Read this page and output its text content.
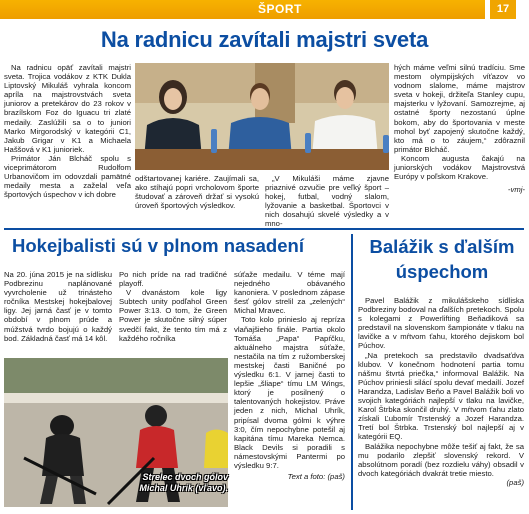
ŠPORT	17
Na radnicu zavítali majstri sveta

Na radnicu opäť zavítali majstri sveta. Trojica vodákov z KTK Dukla Liptovský Mikuláš vyhrala koncom apríla na majstrovstvách sveta juniorov a pretekárov do 23 rokov v brazílskom Foz do Iguacu tri zlaté medaily. Zaslúžili sa o to juniori Marko Mirgorodský v kategórii C1, Jakub Grigar v K1 a Michaela Haššová v K1 junioriek.

Primátor Ján Blcháč spolu s viceprimátorom Rudolfom Urbanovičom im odovzdali pamätné medaily mesta a zaželal veľa športových úspechov v ich dobre

odštartovanej kariére. Zaujímali sa, ako stíhajú popri vrcholovom športe študovať a zároveň držať si vysokú úroveň športových výsledkov.

„V Mikuláši máme zjavne priaznivé ozvučie pre veľký šport – hokej, futbal, vodný slalom, lyžovanie a basketbal. Športovci v nich dosahujú skvelé výsledky a v mno-

hých máme veľmi silnú tradíciu. Sme mestom olympijských víťazov vo vodnom slalome, máme majstrov sveta v hokeji, držiteľa Stanley cupu, majsterku v lyžovaní. Samozrejme, aj ostatné športy nezostanú úplne bokom, aby do športovania v meste mohol byť zapojený skutočne každý, kto má o to záujem,“ zdôraznil primátor Blcháč.

Koncom augusta čakajú na juniorských vodákov Majstrovstvá Európy v poľskom Krakove.

-vmj-

Hokejbalisti sú v plnom nasadení

Na 20. júna 2015 je na sídlisku Podbrezinu naplánované vyvrcholenie už trinásteho ročníka Mestskej hokejbalovej ligy. Jej jarná časť je v tomto období v plnom prúde a múžstvá tvrdo bojujú o každý bod. Základná časť má 14 kôl.

Po nich príde na rad tradičné playoff.

V dvanástom kole ligy Subtech unity podľahol Green Power 3:13. O tom, že Green Power je skutočne silný súper svedčí fakt, že tento tím má z každého ročníka

Strelec dvoch gólov Michal Uhrík (vľavo).

súťaže medailu. V téme mají nejedného obávaného kanoniera. V poslednom zápase šesť gólov strelil za „zelených“ Michal Mravec.

Toto kolo prinieslo aj repríza vlaňajšieho finále. Partia okolo Tomáša „Papa“ Papŕčku, aktuálneho majstra súťaže, nestačila na tím z ružomberskej mestskej časti Baničné po výsledku 6:1. V jarnej časti to lepšie „šliape“ tímu LM Wings, ktorý je posilnený o talentovaných hokejistov. Práve jeden z nich, Michal Uhrík, pripísal dvoma gólmi k výhre 3:0, čím nepochybne potešil aj kapitána tímu Mareka Nemca. Black Devils si poradili s námestovskými Pantermi po výsledku 9:7.

Text a foto: (paš)

Balážik s ďalším úspechom

Pavel Balážik z mikulášskeho sídliska Podbreziny bodoval na ďalších pretekoch. Spolu s kolegami z Powerlifting Beňadiková sa predstavil na slovenskom šampionáte v tlaku na lavičke a v mŕtvom ťahu, ktorého dejiskom bol Púchov.

„Na pretekoch sa predstavilo dvadsaťdva klubov. V konečnom hodnotení partia tomu nášmu štvrtá priečka,“ informoval Balážik. Na Púchov priniesli silácí spolu devať medailí. Jozef Harandza, Ladislav Beňo a Pavel Balážik boli vo svojich kategóriách najlepší v tlaku na lavičke, Karol Štrbka skončil druhý. V mŕtvom ťahu zlato získali Ľubomír Trstenský a Jozef Harandza. Tretí bol Štrbka. Trstenský bol najlepší aj v kategórii EQ.

Balážika nepochybne môže tešiť aj fakt, že sa mu podarilo zlepšiť slovenský rekord. V absolútnom poradí (bez rozdielu váhy) obsadil v dvoch kategóriách dvakrát tretie miesto.

(paš)
